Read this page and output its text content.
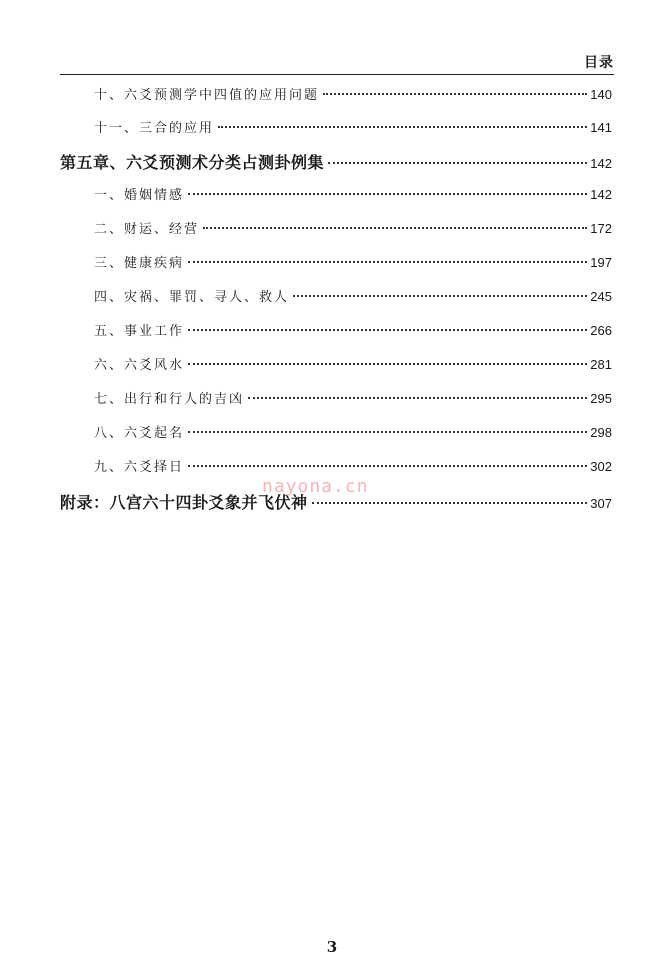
目录
十、六爻预测学中四值的应用问题	140
十一、三合的应用	141
第五章、六爻预测术分类占测卦例集	142
一、婚姻情感	142
二、财运、经营	172
三、健康疾病	197
四、灾祸、罪罚、寻人、救人	245
五、事业工作	266
六、六爻风水	281
七、出行和行人的吉凶	295
八、六爻起名	298
九、六爻择日	302
附录：八宫六十四卦爻象并飞伏神	307
nayona.cn
3
